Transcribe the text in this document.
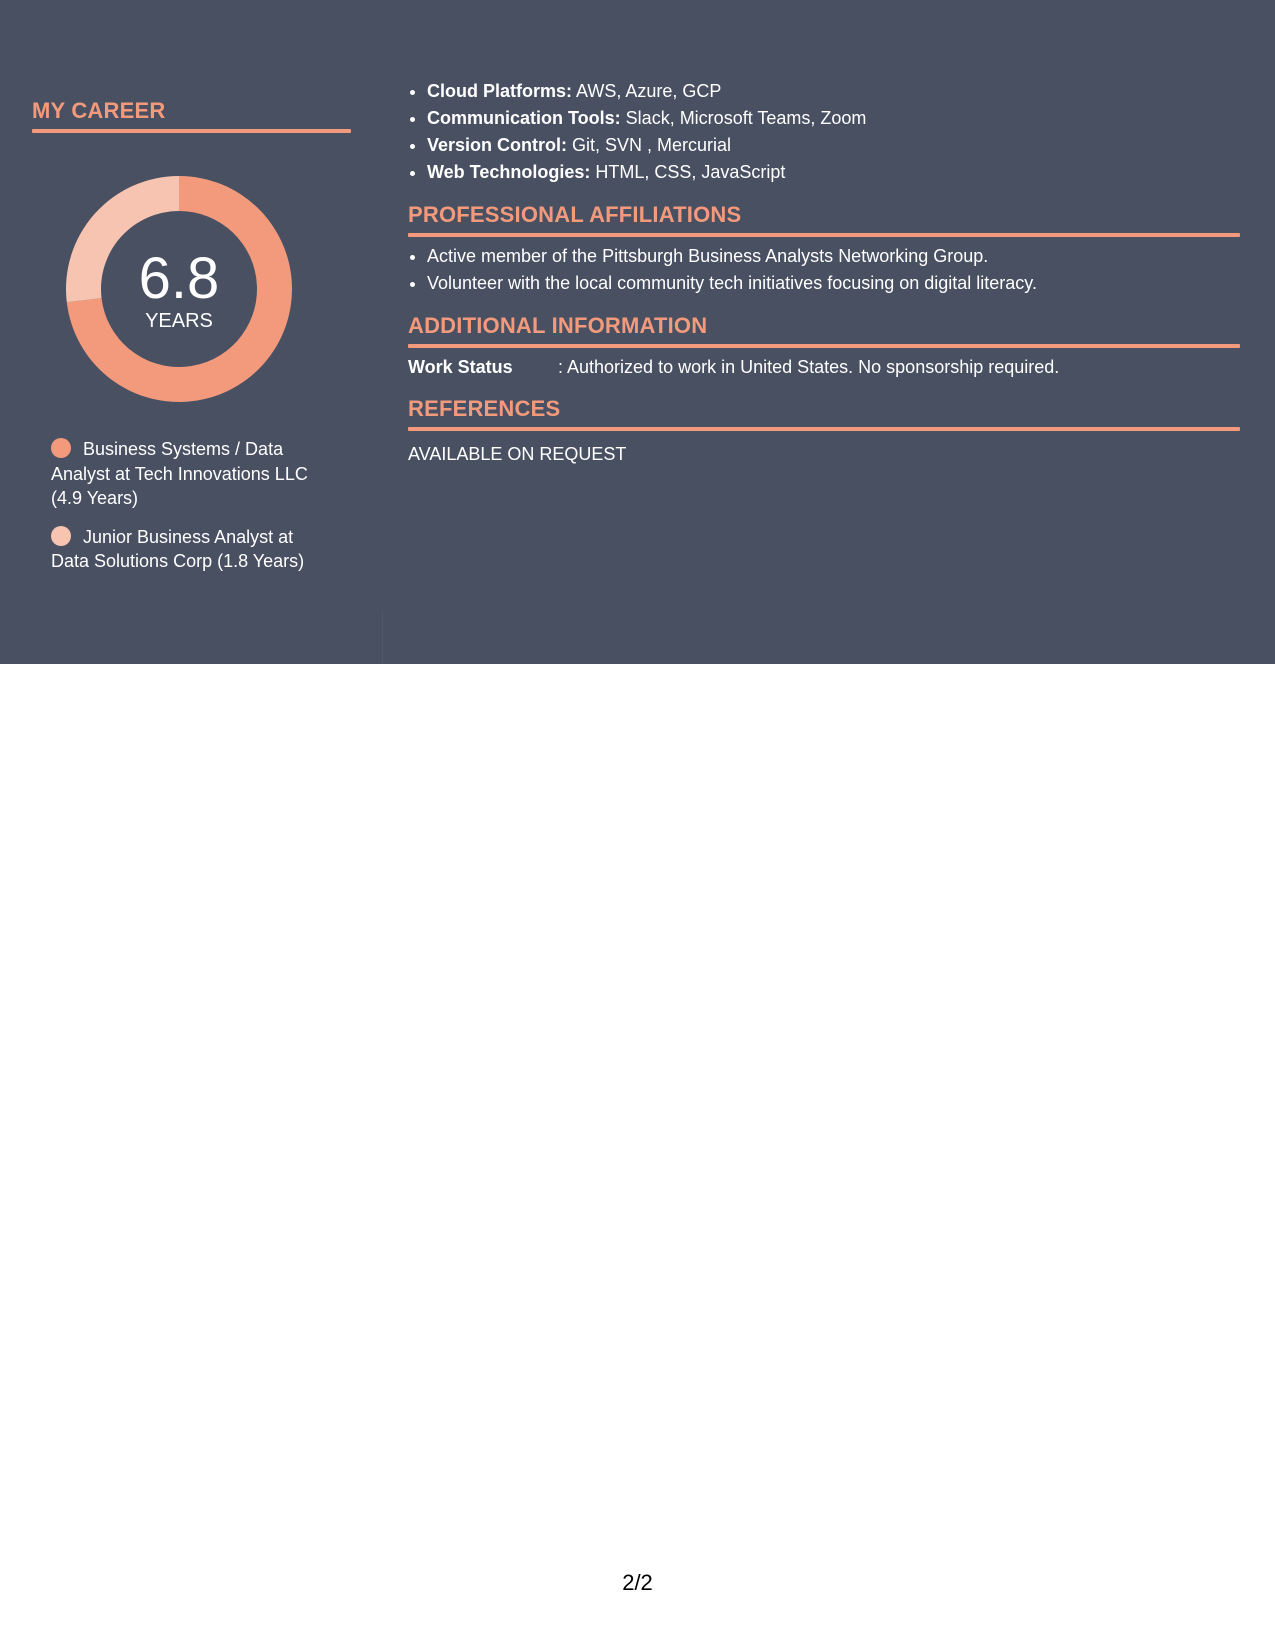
MY CAREER
6.8
YEARS
Business Systems / Data Analyst at Tech Innovations LLC (4.9 Years)
Junior Business Analyst at Data Solutions Corp (1.8 Years)
• Cloud Platforms: AWS, Azure, GCP
• Communication Tools: Slack, Microsoft Teams, Zoom
• Version Control: Git, SVN , Mercurial
• Web Technologies: HTML, CSS, JavaScript
PROFESSIONAL AFFILIATIONS
• Active member of the Pittsburgh Business Analysts Networking Group.
• Volunteer with the local community tech initiatives focusing on digital literacy.
ADDITIONAL INFORMATION
Work Status	: Authorized to work in United States. No sponsorship required.
REFERENCES
AVAILABLE ON REQUEST
2/2
